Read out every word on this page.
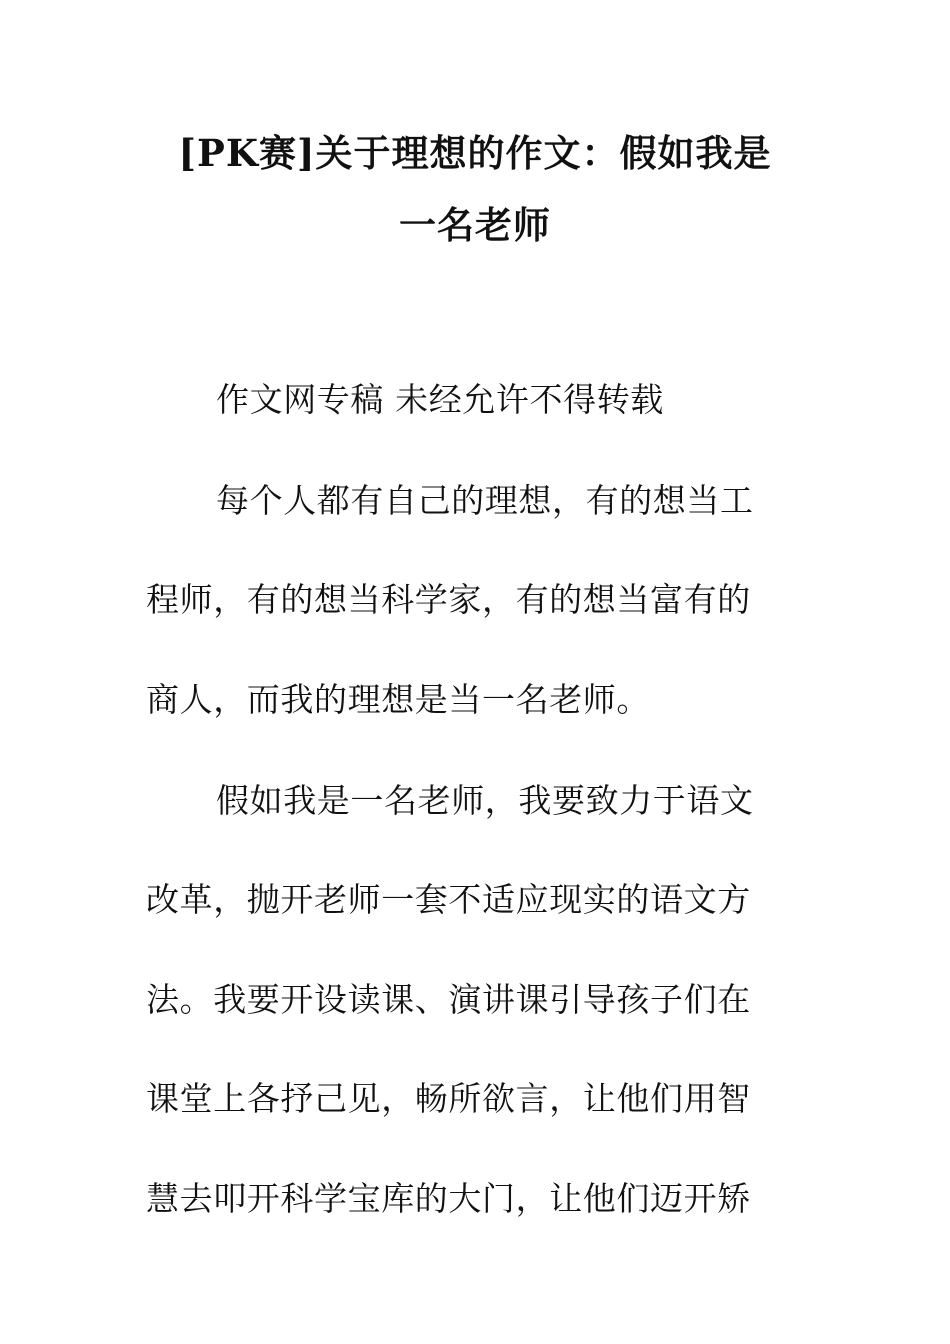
[PK赛]关于理想的作文：假如我是
一名老师
作文网专稿 未经允许不得转载
每个人都有自己的理想，有的想当工
程师，有的想当科学家，有的想当富有的
商人，而我的理想是当一名老师。
假如我是一名老师，我要致力于语文
改革，抛开老师一套不适应现实的语文方
法。我要开设读课、演讲课引导孩子们在
课堂上各抒己见，畅所欲言，让他们用智
慧去叩开科学宝库的大门，让他们迈开矫
